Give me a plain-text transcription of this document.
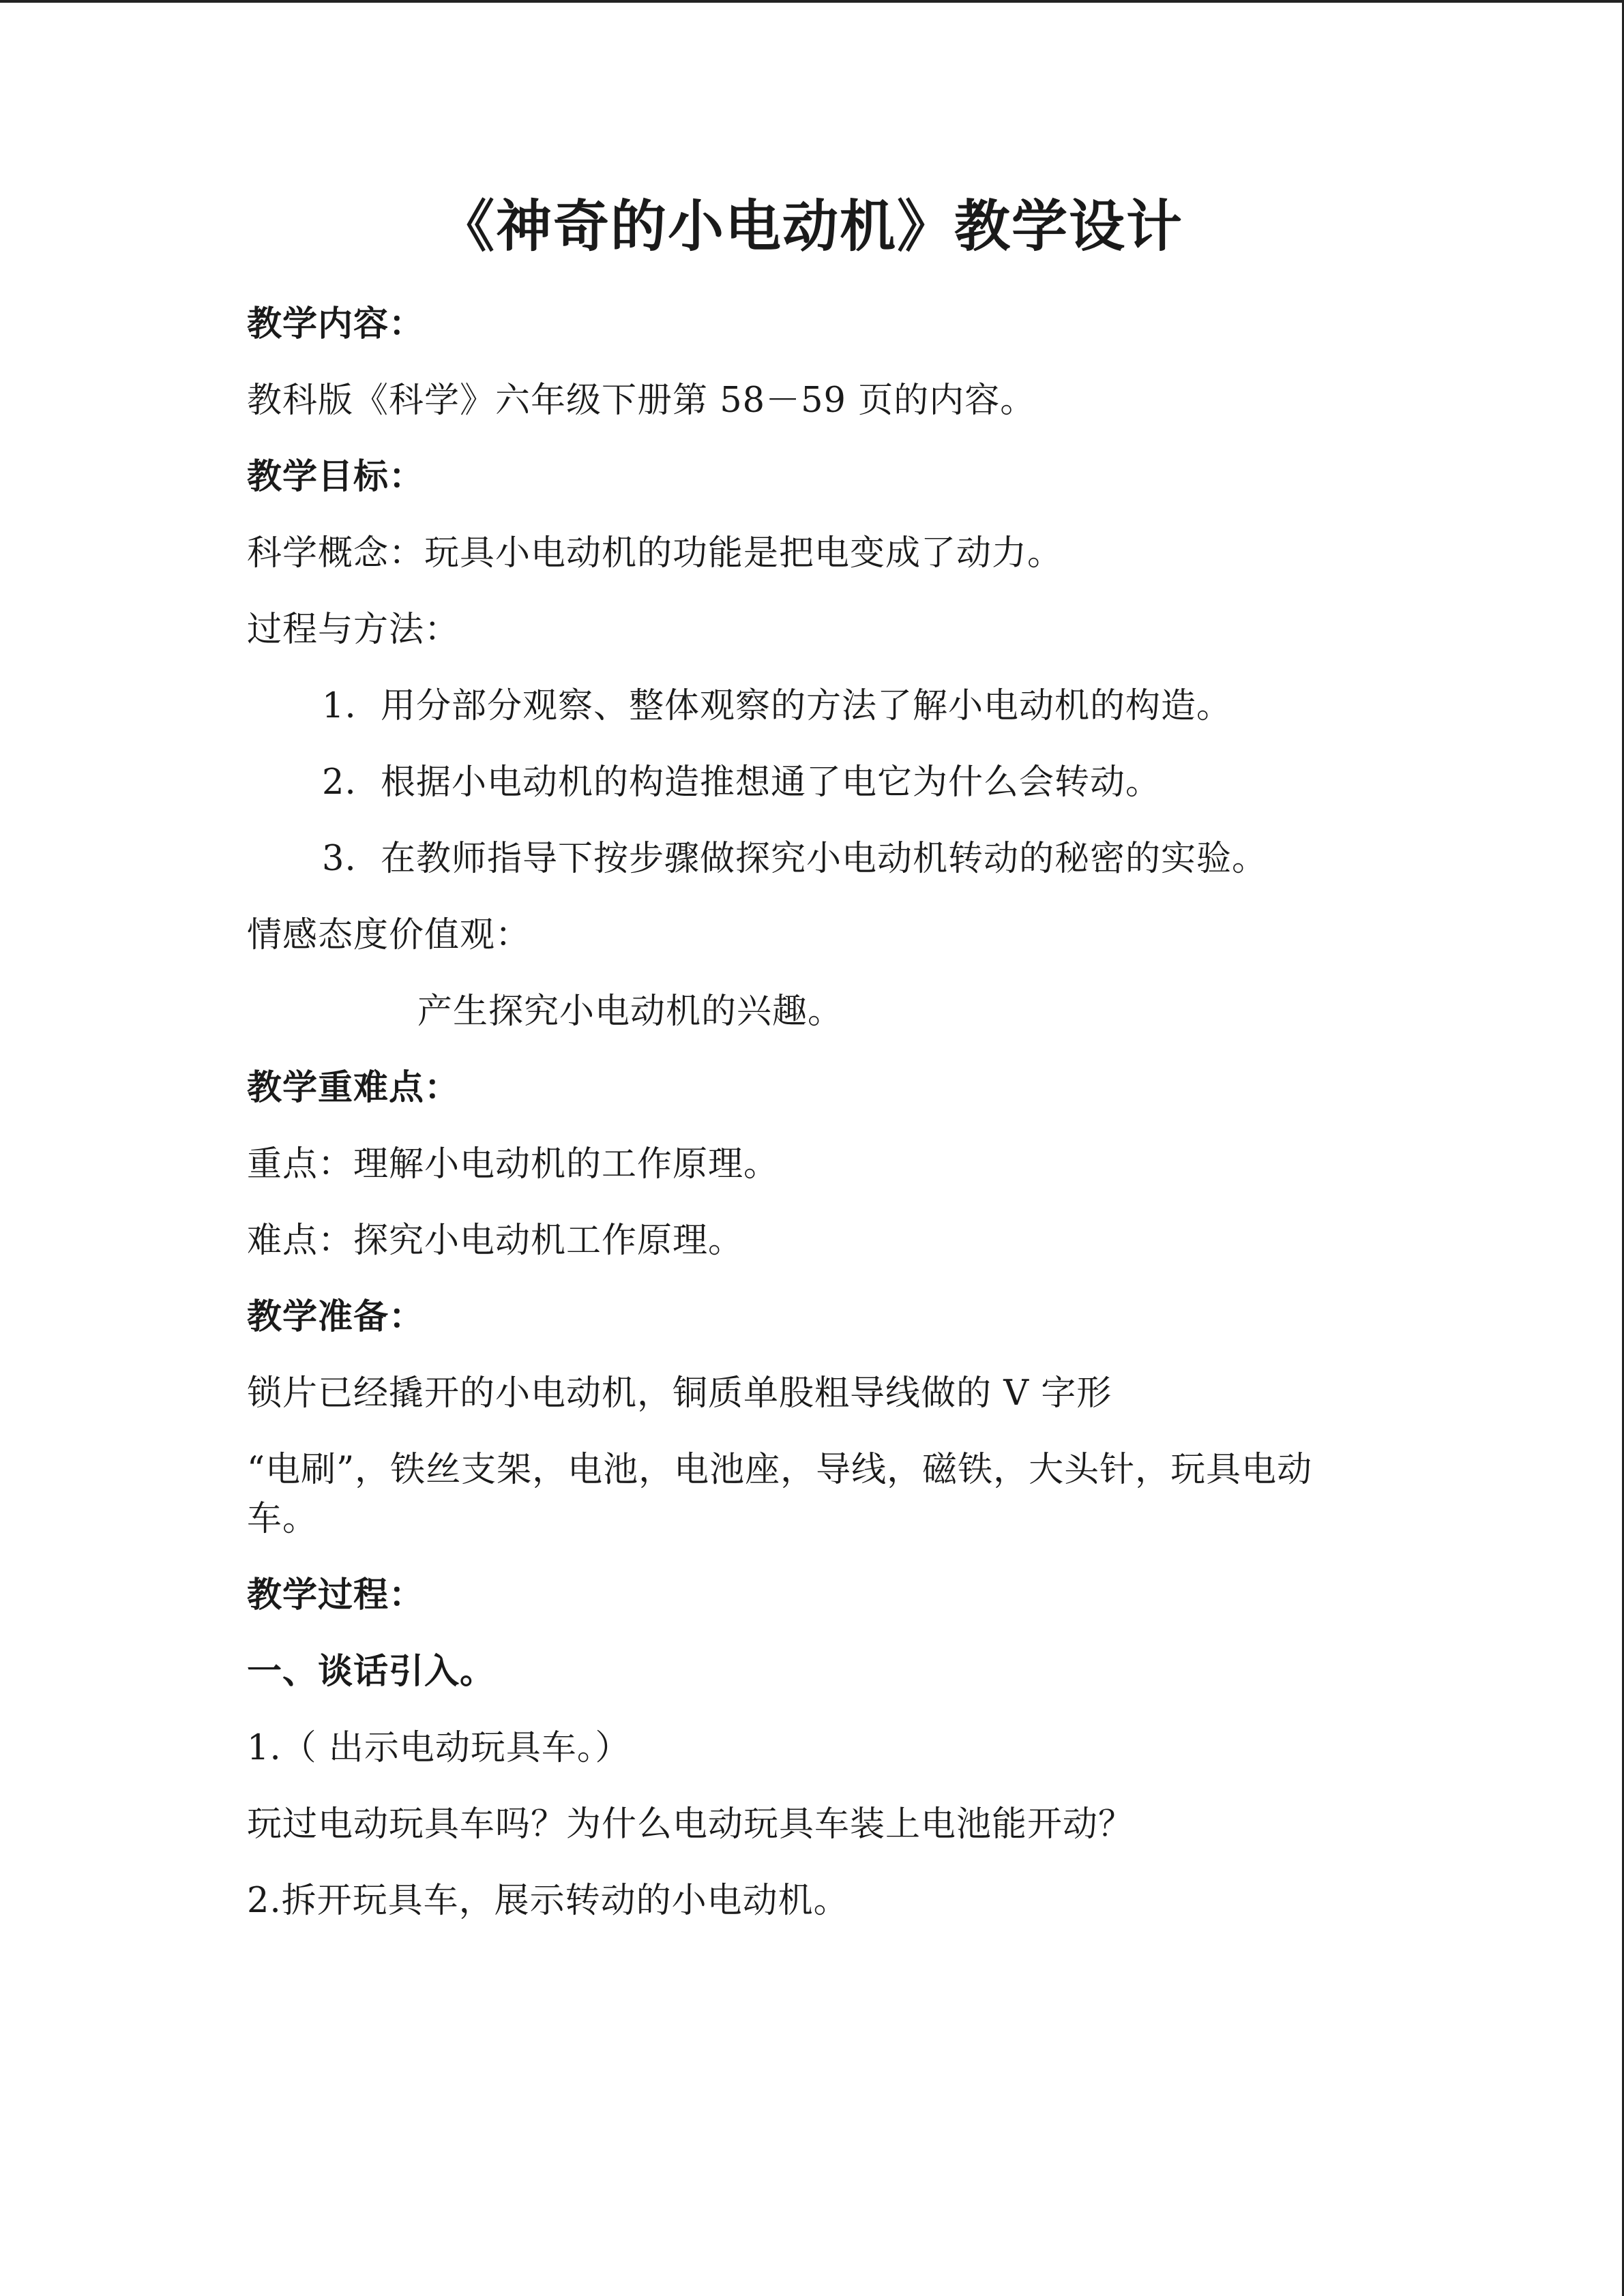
《神奇的小电动机》教学设计
教学内容：
教科版《科学》六年级下册第 58－59 页的内容。
教学目标：
科学概念：玩具小电动机的功能是把电变成了动力。
过程与方法：
1. 用分部分观察、整体观察的方法了解小电动机的构造。
2. 根据小电动机的构造推想通了电它为什么会转动。
3. 在教师指导下按步骤做探究小电动机转动的秘密的实验。
情感态度价值观：
产生探究小电动机的兴趣。
教学重难点：
重点：理解小电动机的工作原理。
难点：探究小电动机工作原理。
教学准备：
锁片已经撬开的小电动机，铜质单股粗导线做的 V 字形
“电刷”，铁丝支架，电池，电池座，导线，磁铁，大头针，玩具电动车。
教学过程：
一、谈话引入。
1.（ 出示电动玩具车。）
玩过电动玩具车吗？为什么电动玩具车装上电池能开动？
2.拆开玩具车，展示转动的小电动机。
